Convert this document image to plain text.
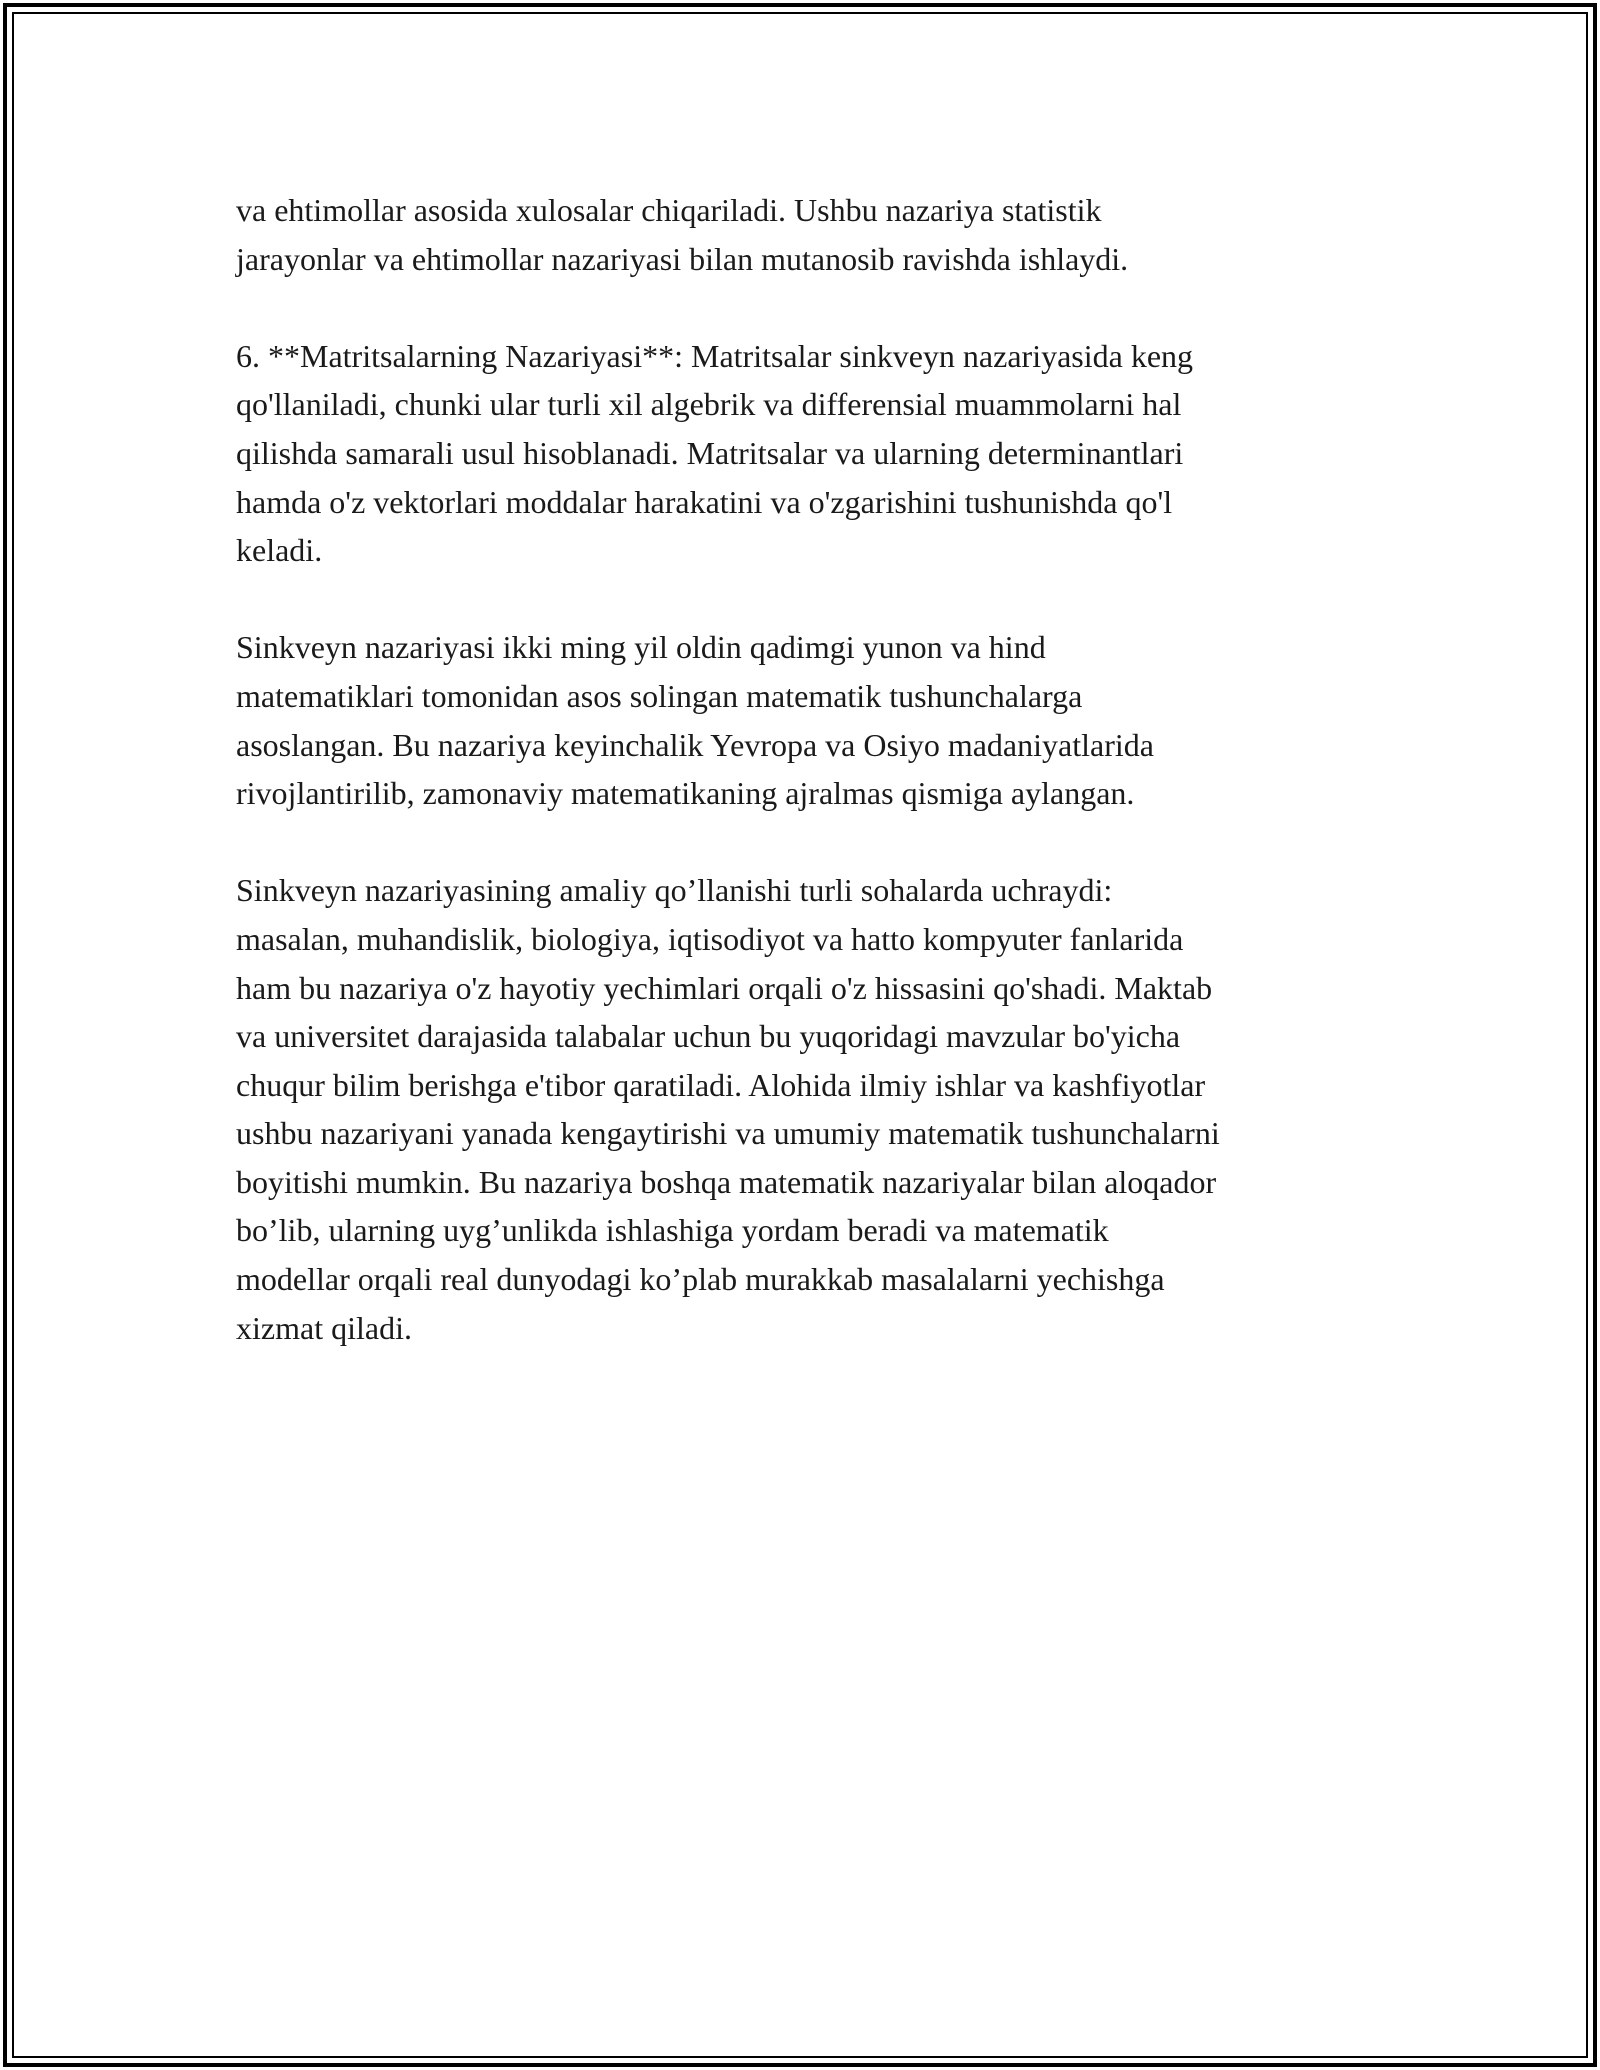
va ehtimollar asosida xulosalar chiqariladi. Ushbu nazariya statistik
jarayonlar va ehtimollar nazariyasi bilan mutanosib ravishda ishlaydi.

6. **Matritsalarning Nazariyasi**: Matritsalar sinkveyn nazariyasida keng
qo'llaniladi, chunki ular turli xil algebrik va differensial muammolarni hal
qilishda samarali usul hisoblanadi. Matritsalar va ularning determinantlari
hamda o'z vektorlari moddalar harakatini va o'zgarishini tushunishda qo'l
keladi.

Sinkveyn nazariyasi ikki ming yil oldin qadimgi yunon va hind
matematiklari tomonidan asos solingan matematik tushunchalarga
asoslangan. Bu nazariya keyinchalik Yevropa va Osiyo madaniyatlarida
rivojlantirilib, zamonaviy matematikaning ajralmas qismiga aylangan.

Sinkveyn nazariyasining amaliy qo’llanishi turli sohalarda uchraydi:
masalan, muhandislik, biologiya, iqtisodiyot va hatto kompyuter fanlarida
ham bu nazariya o'z hayotiy yechimlari orqali o'z hissasini qo'shadi. Maktab
va universitet darajasida talabalar uchun bu yuqoridagi mavzular bo'yicha
chuqur bilim berishga e'tibor qaratiladi. Alohida ilmiy ishlar va kashfiyotlar
ushbu nazariyani yanada kengaytirishi va umumiy matematik tushunchalarni
boyitishi mumkin. Bu nazariya boshqa matematik nazariyalar bilan aloqador
bo’lib, ularning uyg’unlikda ishlashiga yordam beradi va matematik
modellar orqali real dunyodagi ko’plab murakkab masalalarni yechishga
xizmat qiladi.
